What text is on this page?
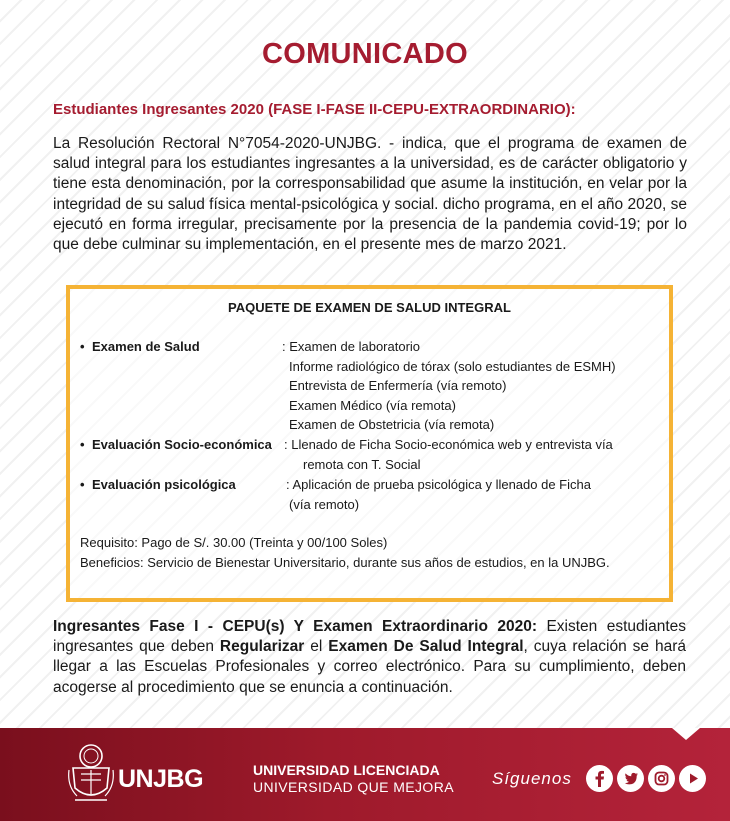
COMUNICADO
Estudiantes Ingresantes 2020 (FASE I-FASE II-CEPU-EXTRAORDINARIO):
La Resolución Rectoral N°7054-2020-UNJBG. - indica, que el programa de examen de salud integral para los estudiantes ingresantes a la universidad, es de carácter obligatorio y tiene esta denominación, por la corresponsabilidad que asume la institución, en velar por la integridad de su salud física mental-psicológica y social. dicho programa, en el año 2020, se ejecutó en forma irregular, precisamente por la presencia de la pandemia covid-19; por lo que debe culminar su implementación, en el presente mes de marzo 2021.
PAQUETE DE EXAMEN DE SALUD INTEGRAL
• Examen de Salud	: Examen de laboratorio
Informe radiológico de tórax (solo estudiantes de ESMH)
Entrevista de Enfermería (vía remoto)
Examen Médico (vía remota)
Examen de Obstetricia (vía remota)
• Evaluación Socio-económica : Llenado de Ficha Socio-económica web y entrevista vía
remota con T. Social
• Evaluación psicológica	: Aplicación de prueba psicológica y llenado de Ficha
(vía remoto)
Requisito: Pago de S/. 30.00 (Treinta y 00/100 Soles)
Beneficios: Servicio de Bienestar Universitario, durante sus años de estudios, en la UNJBG.
Ingresantes Fase I - CEPU(s) Y Examen Extraordinario 2020: Existen estudiantes ingresantes que deben Regularizar el Examen De Salud Integral, cuya relación se hará llegar a las Escuelas Profesionales y correo electrónico. Para su cumplimiento, deben acogerse al procedimiento que se enuncia a continuación.
UNJBG	UNIVERSIDAD LICENCIADA
UNIVERSIDAD QUE MEJORA Síguenos
